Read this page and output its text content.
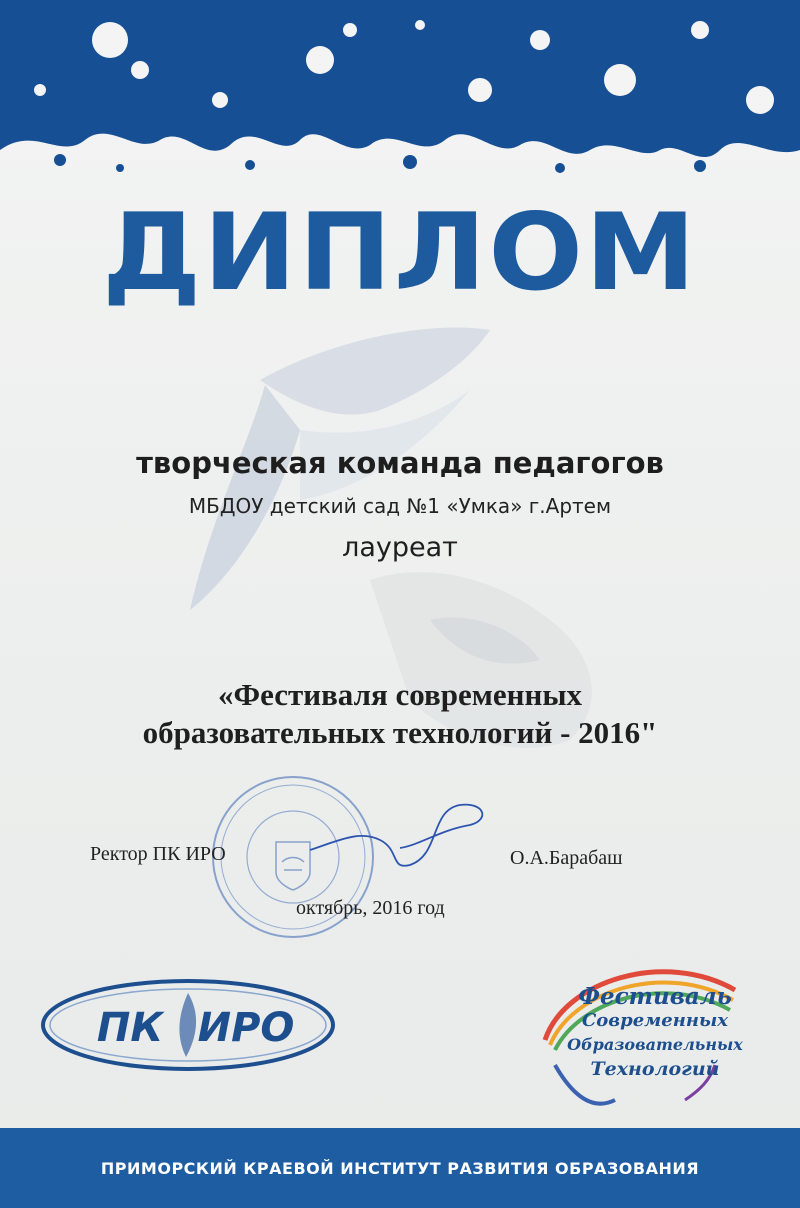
ДИПЛОМ
творческая команда педагогов
МБДОУ детский сад №1 «Умка» г.Артем
лауреат
«Фестиваля современных
образовательных технологий - 2016"
Ректор ПК ИРО	О.А.Барабаш
октябрь, 2016 год
ПК ИРО
Фестиваль
Современных
Образовательных
Технологий
ПРИМОРСКИЙ КРАЕВОЙ ИНСТИТУТ РАЗВИТИЯ ОБРАЗОВАНИЯ
